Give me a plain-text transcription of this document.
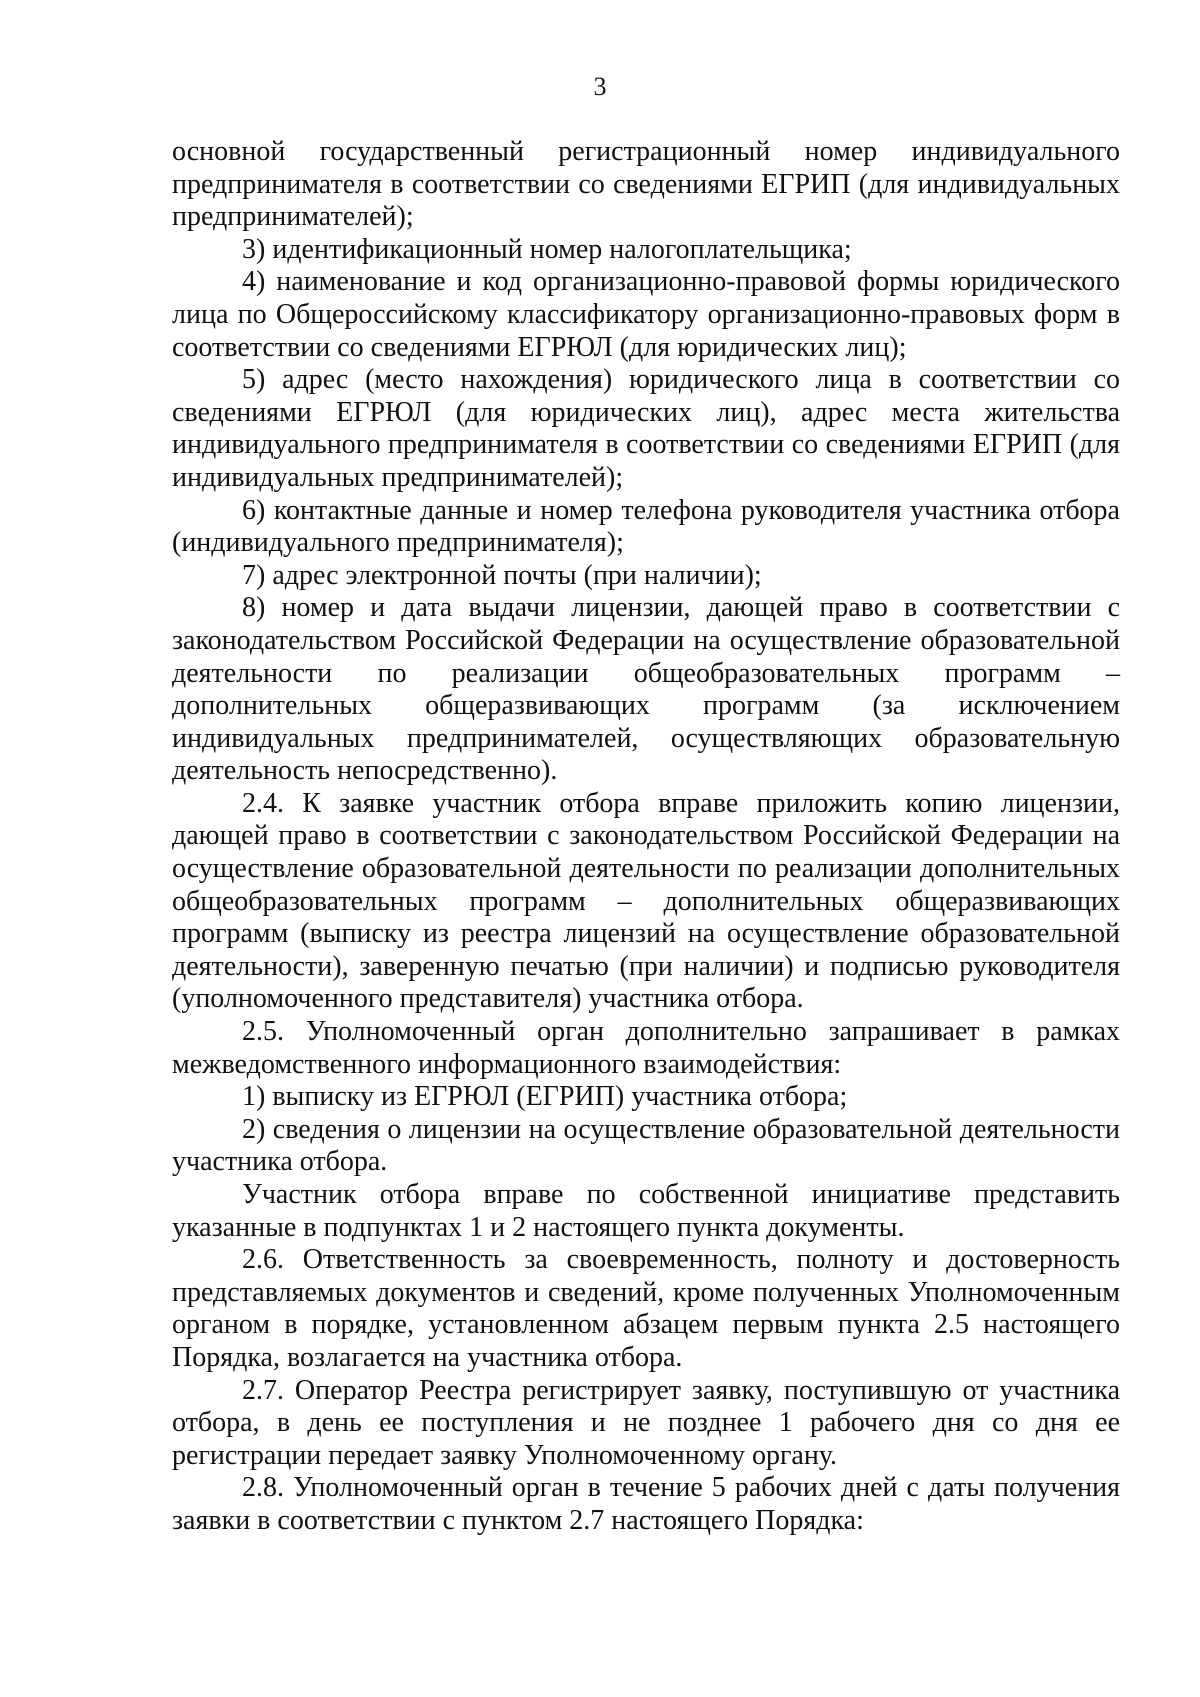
3

основной государственный регистрационный номер индивидуального предпринимателя в соответствии со сведениями ЕГРИП (для индивидуальных предпринимателей);

3) идентификационный номер налогоплательщика;

4) наименование и код организационно-правовой формы юридического лица по Общероссийскому классификатору организационно-правовых форм в соответствии со сведениями ЕГРЮЛ (для юридических лиц);

5) адрес (место нахождения) юридического лица в соответствии со сведениями ЕГРЮЛ (для юридических лиц), адрес места жительства индивидуального предпринимателя в соответствии со сведениями ЕГРИП (для индивидуальных предпринимателей);

6) контактные данные и номер телефона руководителя участника отбора (индивидуального предпринимателя);

7) адрес электронной почты (при наличии);

8) номер и дата выдачи лицензии, дающей право в соответствии с законодательством Российской Федерации на осуществление образовательной деятельности по реализации общеобразовательных программ – дополнительных общеразвивающих программ (за исключением индивидуальных предпринимателей, осуществляющих образовательную деятельность непосредственно).

2.4. К заявке участник отбора вправе приложить копию лицензии, дающей право в соответствии с законодательством Российской Федерации на осуществление образовательной деятельности по реализации дополнительных общеобразовательных программ – дополнительных общеразвивающих программ (выписку из реестра лицензий на осуществление образовательной деятельности), заверенную печатью (при наличии) и подписью руководителя (уполномоченного представителя) участника отбора.

2.5. Уполномоченный орган дополнительно запрашивает в рамках межведомственного информационного взаимодействия:

1) выписку из ЕГРЮЛ (ЕГРИП) участника отбора;

2) сведения о лицензии на осуществление образовательной деятельности участника отбора.

Участник отбора вправе по собственной инициативе представить указанные в подпунктах 1 и 2 настоящего пункта документы.

2.6. Ответственность за своевременность, полноту и достоверность представляемых документов и сведений, кроме полученных Уполномоченным органом в порядке, установленном абзацем первым пункта 2.5 настоящего Порядка, возлагается на участника отбора.

2.7. Оператор Реестра регистрирует заявку, поступившую от участника отбора, в день ее поступления и не позднее 1 рабочего дня со дня ее регистрации передает заявку Уполномоченному органу.

2.8. Уполномоченный орган в течение 5 рабочих дней с даты получения заявки в соответствии с пунктом 2.7 настоящего Порядка:
